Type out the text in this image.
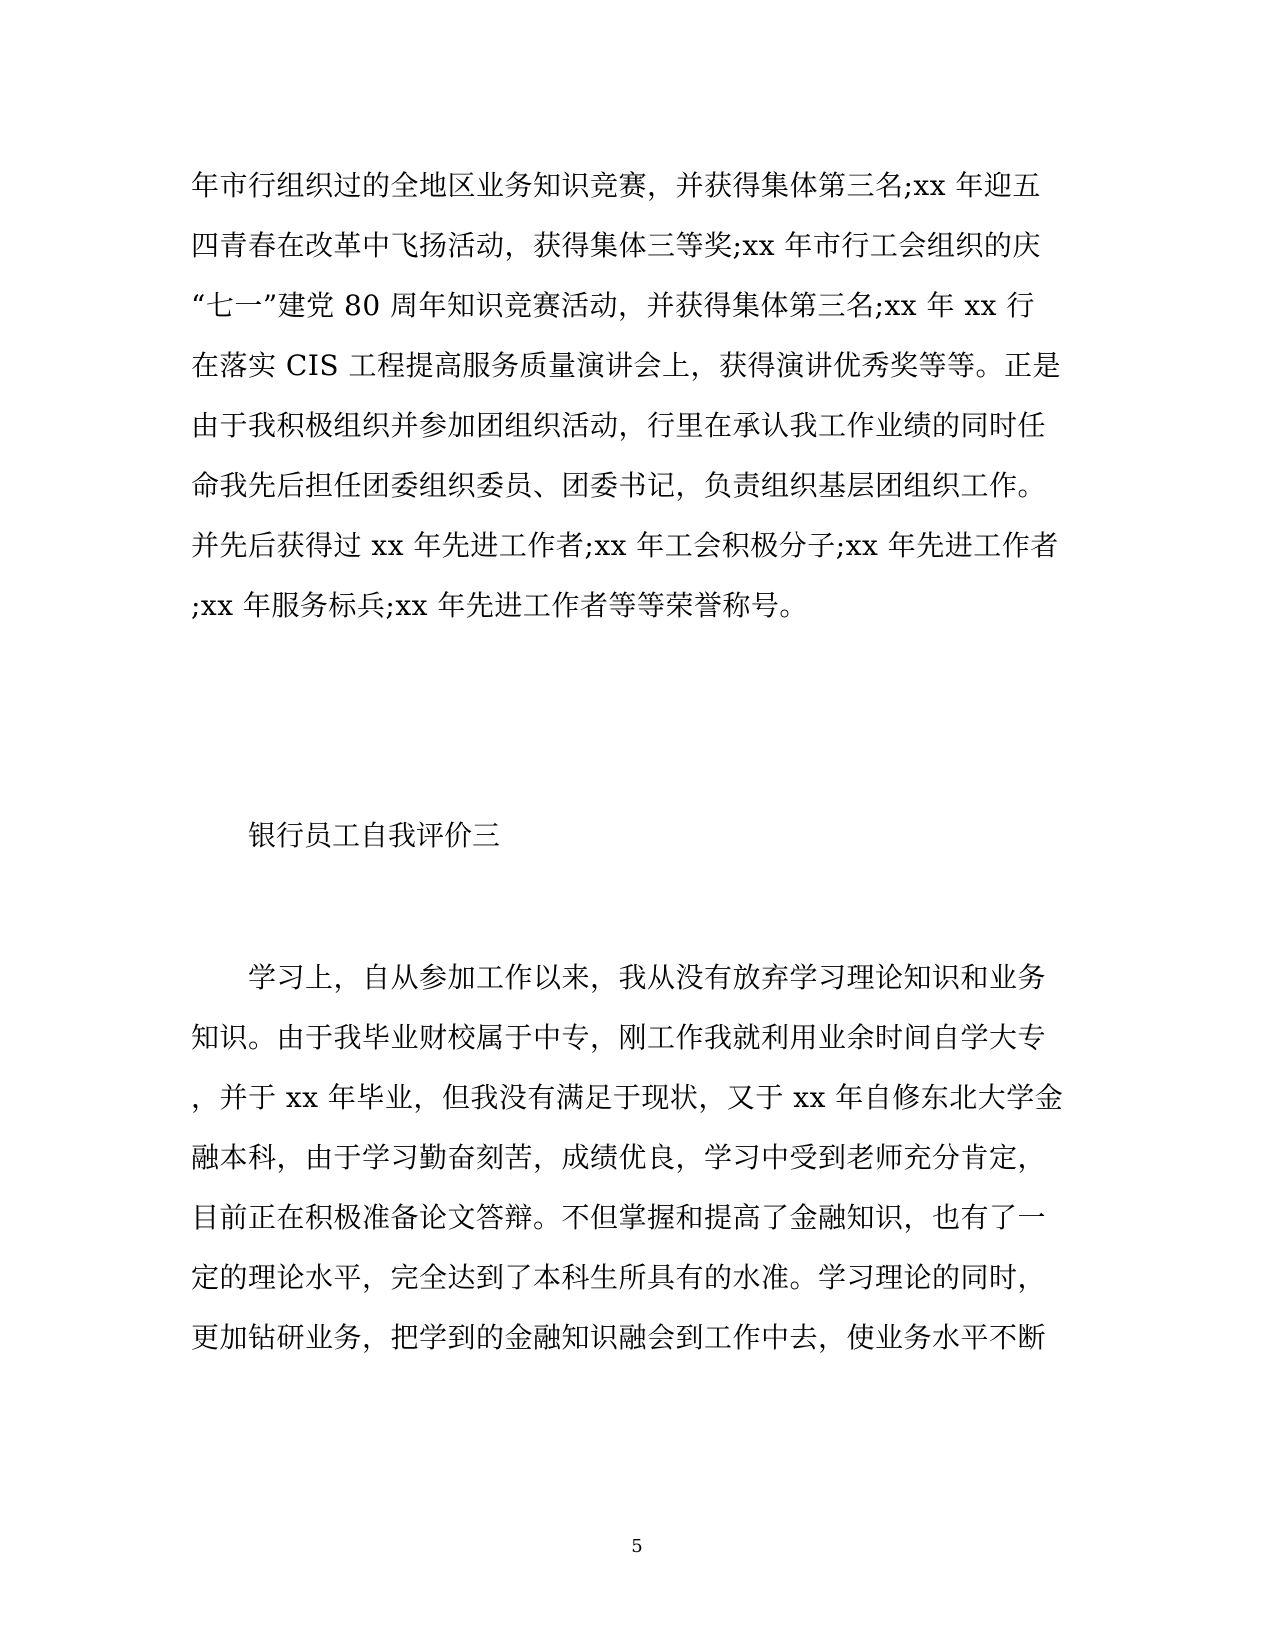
年市行组织过的全地区业务知识竞赛，并获得集体第三名;xx 年迎五
四青春在改革中飞扬活动，获得集体三等奖;xx 年市行工会组织的庆
“七一”建党 80 周年知识竞赛活动，并获得集体第三名;xx 年 xx 行
在落实 CIS 工程提高服务质量演讲会上，获得演讲优秀奖等等。正是
由于我积极组织并参加团组织活动，行里在承认我工作业绩的同时任
命我先后担任团委组织委员、团委书记，负责组织基层团组织工作。
并先后获得过 xx 年先进工作者;xx 年工会积极分子;xx 年先进工作者
;xx 年服务标兵;xx 年先进工作者等等荣誉称号。
银行员工自我评价三
学习上，自从参加工作以来，我从没有放弃学习理论知识和业务
知识。由于我毕业财校属于中专，刚工作我就利用业余时间自学大专
，并于 xx 年毕业，但我没有满足于现状，又于 xx 年自修东北大学金
融本科，由于学习勤奋刻苦，成绩优良，学习中受到老师充分肯定，
目前正在积极准备论文答辩。不但掌握和提高了金融知识，也有了一
定的理论水平，完全达到了本科生所具有的水准。学习理论的同时，
更加钻研业务，把学到的金融知识融会到工作中去，使业务水平不断
5
